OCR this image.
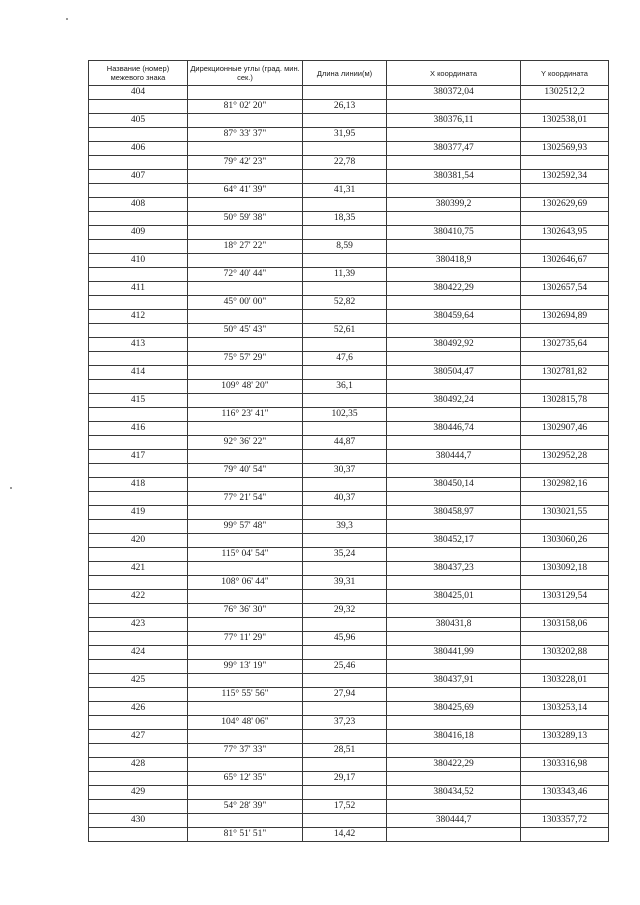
Название (номер) межевого знака	Дирекционные углы (град. мин. сек.)	Длина линии(м)	X координата	Y координата
404			380372,04	1302512,2
	81° 02' 20"	26,13		
405			380376,11	1302538,01
	87° 33' 37"	31,95		
406			380377,47	1302569,93
	79° 42' 23"	22,78		
407			380381,54	1302592,34
	64° 41' 39"	41,31		
408			380399,2	1302629,69
	50° 59' 38"	18,35		
409			380410,75	1302643,95
	18° 27' 22"	8,59		
410			380418,9	1302646,67
	72° 40' 44"	11,39		
411			380422,29	1302657,54
	45° 00' 00"	52,82		
412			380459,64	1302694,89
	50° 45' 43"	52,61		
413			380492,92	1302735,64
	75° 57' 29"	47,6		
414			380504,47	1302781,82
	109° 48' 20"	36,1		
415			380492,24	1302815,78
	116° 23' 41"	102,35		
416			380446,74	1302907,46
	92° 36' 22"	44,87		
417			380444,7	1302952,28
	79° 40' 54"	30,37		
418			380450,14	1302982,16
	77° 21' 54"	40,37		
419			380458,97	1303021,55
	99° 57' 48"	39,3		
420			380452,17	1303060,26
	115° 04' 54"	35,24		
421			380437,23	1303092,18
	108° 06' 44"	39,31		
422			380425,01	1303129,54
	76° 36' 30"	29,32		
423			380431,8	1303158,06
	77° 11' 29"	45,96		
424			380441,99	1303202,88
	99° 13' 19"	25,46		
425			380437,91	1303228,01
	115° 55' 56"	27,94		
426			380425,69	1303253,14
	104° 48' 06"	37,23		
427			380416,18	1303289,13
	77° 37' 33"	28,51		
428			380422,29	1303316,98
	65° 12' 35"	29,17		
429			380434,52	1303343,46
	54° 28' 39"	17,52		
430			380444,7	1303357,72
	81° 51' 51"	14,42		
